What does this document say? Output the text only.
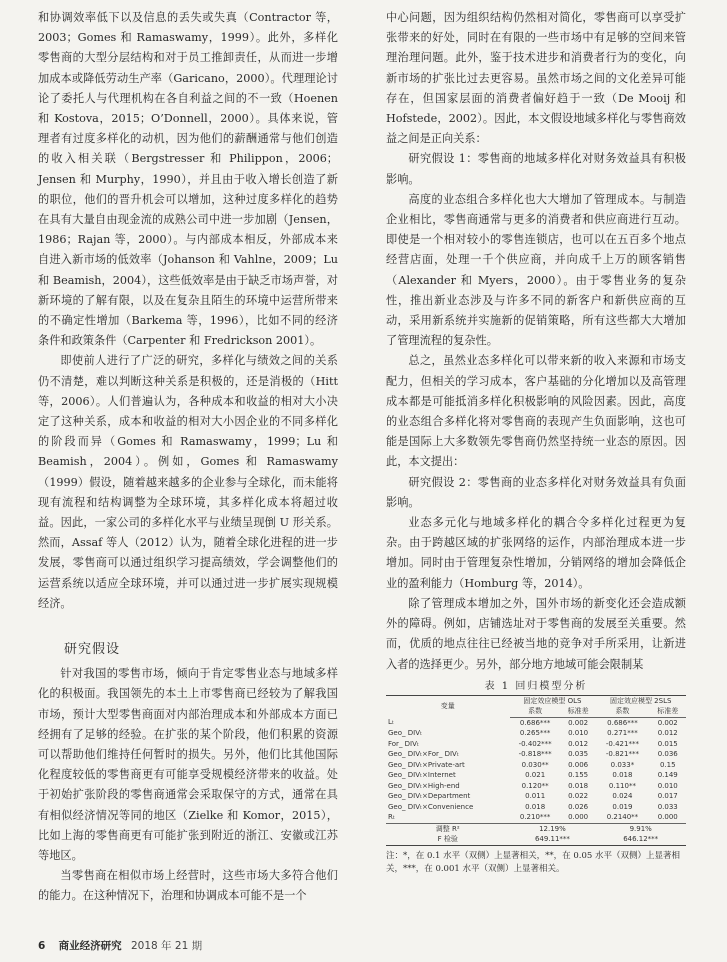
和协调效率低下以及信息的丢失或失真（Contractor 等，2003；Gomes 和 Ramaswamy，1999）。此外，多样化零售商的大型分层结构和对于员工推卸责任，从而进一步增加成本或降低劳动生产率（Garicano，2000）。代理理论讨论了委托人与代理机构在各自利益之间的不一致（Hoenen 和 Kostova，2015；O’Donnell，2000）。具体来说，管理者有过度多样化的动机，因为他们的薪酬通常与他们创造的收入相关联（Bergstresser 和 Philippon，2006；Jensen 和 Murphy，1990），并且由于收入增长创造了新的职位，他们的晋升机会可以增加，这种过度多样化的趋势在具有大量自由现金流的成熟公司中进一步加剧（Jensen，1986；Rajan 等，2000）。与内部成本相反，外部成本来自进入新市场的低效率（Johanson 和 Vahlne，2009；Lu 和 Beamish，2004），这些低效率是由于缺乏市场声誉，对新环境的了解有限，以及在复杂且陌生的环境中运营所带来的不确定性增加（Barkema 等，1996），比如不同的经济条件和政策条件（Carpenter 和 Fredrickson 2001）。

即使前人进行了广泛的研究，多样化与绩效之间的关系仍不清楚，难以判断这种关系是积极的，还是消极的（Hitt 等，2006）。人们普遍认为，各种成本和收益的相对大小决定了这种关系，成本和收益的相对大小因企业的不同多样化的阶段而异（Gomes 和 Ramaswamy，1999；Lu 和 Beamish，2004）。例如，Gomes 和 Ramaswamy（1999）假设，随着越来越多的企业参与全球化，而未能将现有流程和结构调整为全球环境，其多样化成本将超过收益。因此，一家公司的多样化水平与业绩呈现倒 U 形关系。然而，Assaf 等人（2012）认为，随着全球化进程的进一步发展，零售商可以通过组织学习提高绩效，学会调整他们的运营系统以适应全球环境，并可以通过进一步扩展实现规模经济。

研究假设

针对我国的零售市场，倾向于肯定零售业态与地域多样化的积极面。我国领先的本土上市零售商已经较为了解我国市场，预计大型零售商面对内部治理成本和外部成本方面已经拥有了足够的经验。在扩张的某个阶段，他们积累的资源可以帮助他们维持任何暂时的损失。另外，他们比其他国际化程度较低的零售商更有可能享受规模经济带来的收益。处于初始扩张阶段的零售商通常会采取保守的方式，通常在具有相似经济情况等同的地区（Zielke 和 Komor，2015），比如上海的零售商更有可能扩张到附近的浙江、安徽或江苏等地区。

当零售商在相似市场上经营时，这些市场大多符合他们的能力。在这种情况下，治理和协调成本可能不是一个

中心问题，因为组织结构仍然相对简化，零售商可以享受扩张带来的好处，同时在有限的一些市场中有足够的空间来管理治理问题。此外，鉴于技术进步和消费者行为的变化，向新市场的扩张比过去更容易。虽然市场之间的文化差异可能存在，但国家层面的消费者偏好趋于一致（De Mooij 和 Hofstede，2002）。因此，本文假设地域多样化与零售商效益之间是正向关系：

研究假设 1：零售商的地域多样化对财务效益具有积极影响。

高度的业态组合多样化也大大增加了管理成本。与制造企业相比，零售商通常与更多的消费者和供应商进行互动。即使是一个相对较小的零售连锁店，也可以在五百多个地点经营店面，处理一千个供应商，并向成千上万的顾客销售（Alexander 和 Myers，2000）。由于零售业务的复杂性，推出新业态涉及与许多不同的新客户和新供应商的互动，采用新系统并实施新的促销策略，所有这些都大大增加了管理流程的复杂性。

总之，虽然业态多样化可以带来新的收入来源和市场支配力，但相关的学习成本，客户基础的分化增加以及高管理成本都是可能抵消多样化积极影响的风险因素。因此，高度的业态组合多样化将对零售商的表现产生负面影响，这也可能是国际上大多数领先零售商仍然坚持统一业态的原因。因此，本文提出：

研究假设 2：零售商的业态多样化对财务效益具有负面影响。

业态多元化与地域多样化的耦合令多样化过程更为复杂。由于跨越区域的扩张网络的运作，内部治理成本进一步增加。同时由于管理复杂性增加，分销网络的增加会降低企业的盈利能力（Homburg 等，2014）。

除了管理成本增加之外，国外市场的新变化还会造成额外的障碍。例如，店铺选址对于零售商的发展至关重要。然而，优质的地点往往已经被当地的竞争对手所采用，让新进入者的选择更少。另外，部分地方地域可能会限制某

表 1 回归模型分析
变量	固定效应模型 OLS		固定效应模型 2SLS	
	系数	标准差	系数	标准差
Lₜ	0.686***	0.002	0.686***	0.002
Geo_ DIVₜ	0.265***	0.010	0.271***	0.012
For_ DIVₜ	-0.402***	0.012	-0.421***	0.015
Geo_ DIVₜ×For_ DIVₜ	-0.818***	0.035	-0.821***	0.036
Geo_ DIVₜ×Private-art	0.030**	0.006	0.033*	0.15
Geo_ DIVₜ×Internet	0.021	0.155	0.018	0.149
Geo_ DIVₜ×High-end	0.120**	0.018	0.110**	0.010
Geo_ DIVₜ×Department	0.011	0.022	0.024	0.017
Geo_ DIVₜ×Convenience	0.018	0.026	0.019	0.033
Rₜ	0.210***	0.000	0.2140**	0.000
调整 R²	12.19%		9.91%	
F 检验	649.11***		646.12***	
注：*，在 0.1 水平（双侧）上显著相关，**，在 0.05 水平（双侧）上显著相关，***，在 0.001 水平（双侧）上显著相关。
6 商业经济研究 2018 年 21 期
